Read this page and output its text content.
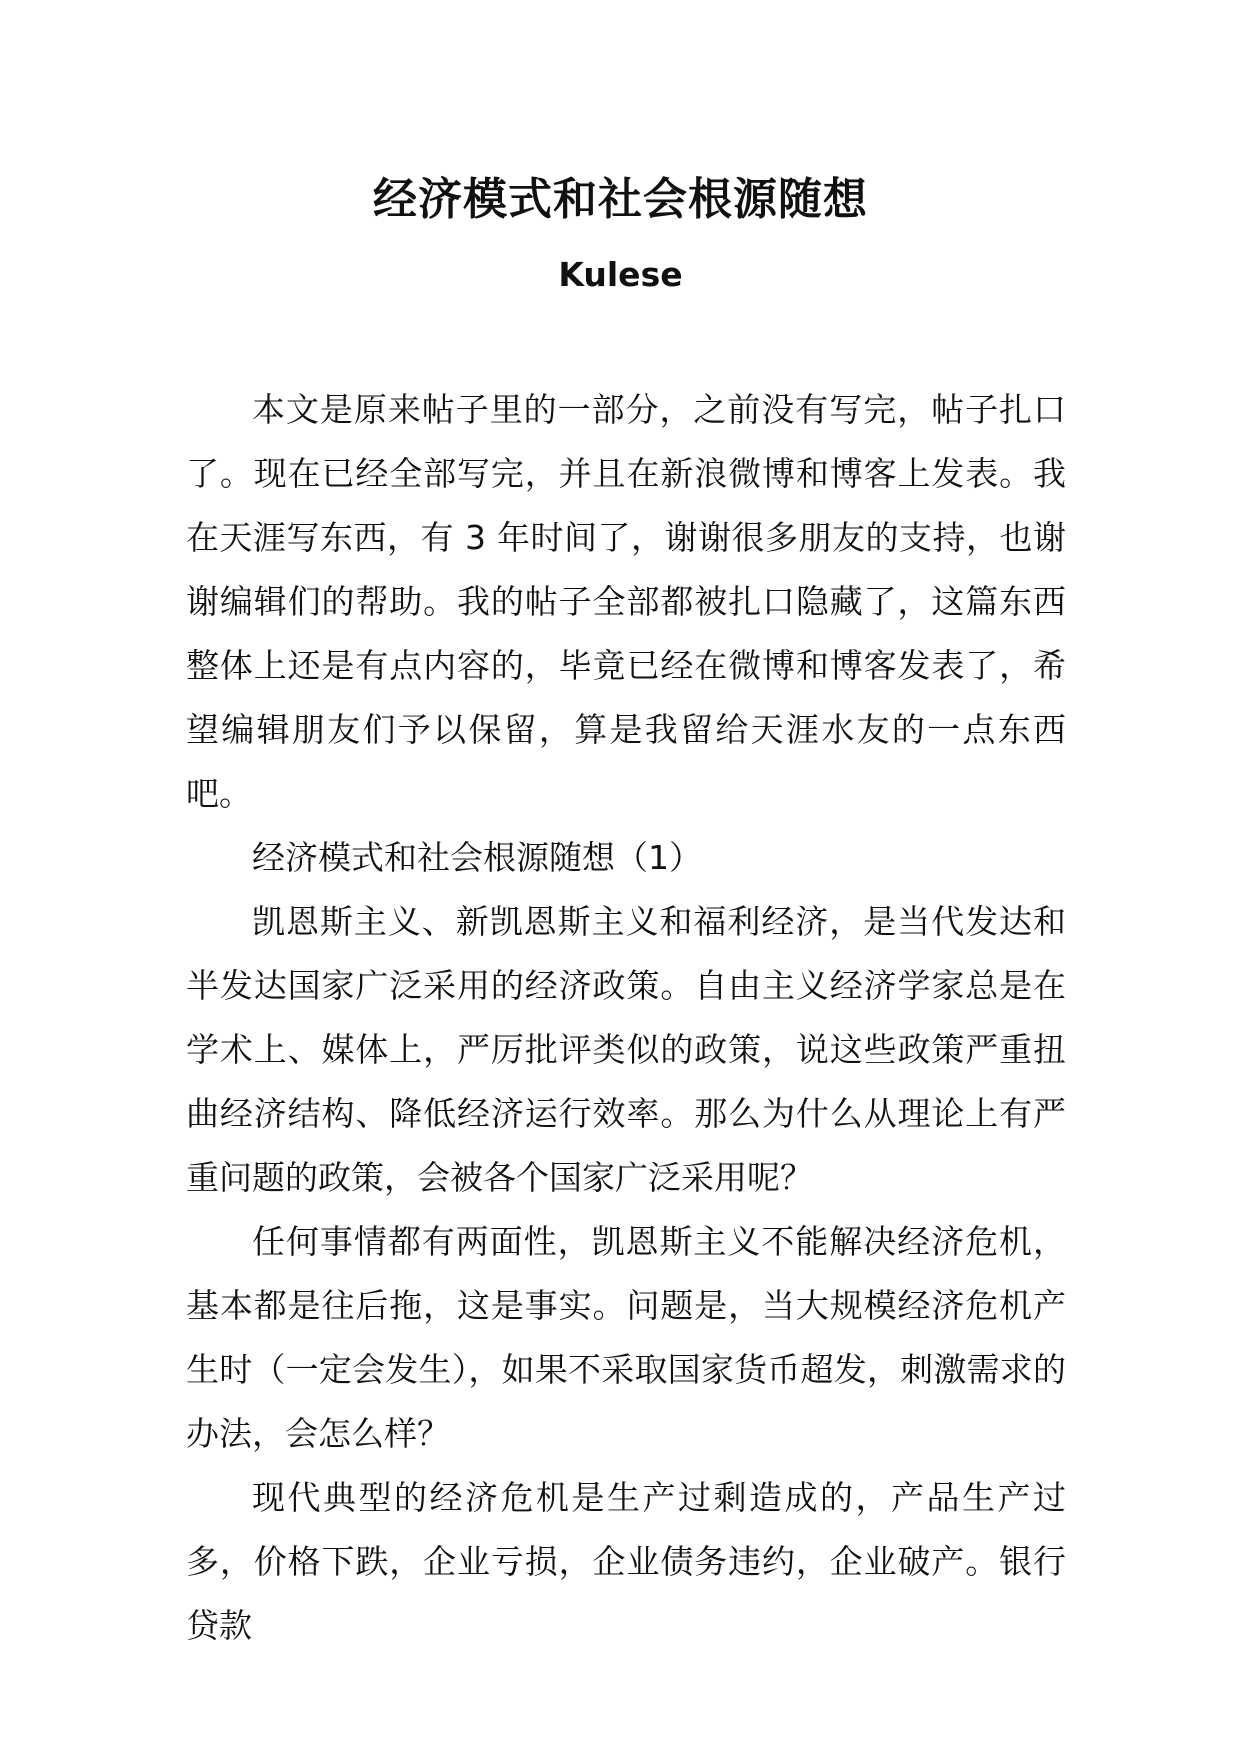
经济模式和社会根源随想
Kulese

本文是原来帖子里的一部分，之前没有写完，帖子扎口了。现在已经全部写完，并且在新浪微博和博客上发表。我在天涯写东西，有 3 年时间了，谢谢很多朋友的支持，也谢谢编辑们的帮助。我的帖子全部都被扎口隐藏了，这篇东西整体上还是有点内容的，毕竟已经在微博和博客发表了，希望编辑朋友们予以保留，算是我留给天涯水友的一点东西吧。

经济模式和社会根源随想（1）

凯恩斯主义、新凯恩斯主义和福利经济，是当代发达和半发达国家广泛采用的经济政策。自由主义经济学家总是在学术上、媒体上，严厉批评类似的政策，说这些政策严重扭曲经济结构、降低经济运行效率。那么为什么从理论上有严重问题的政策，会被各个国家广泛采用呢？

任何事情都有两面性，凯恩斯主义不能解决经济危机，基本都是往后拖，这是事实。问题是，当大规模经济危机产生时（一定会发生），如果不采取国家货币超发，刺激需求的办法，会怎么样？

现代典型的经济危机是生产过剩造成的，产品生产过多，价格下跌，企业亏损，企业债务违约，企业破产。银行贷款
